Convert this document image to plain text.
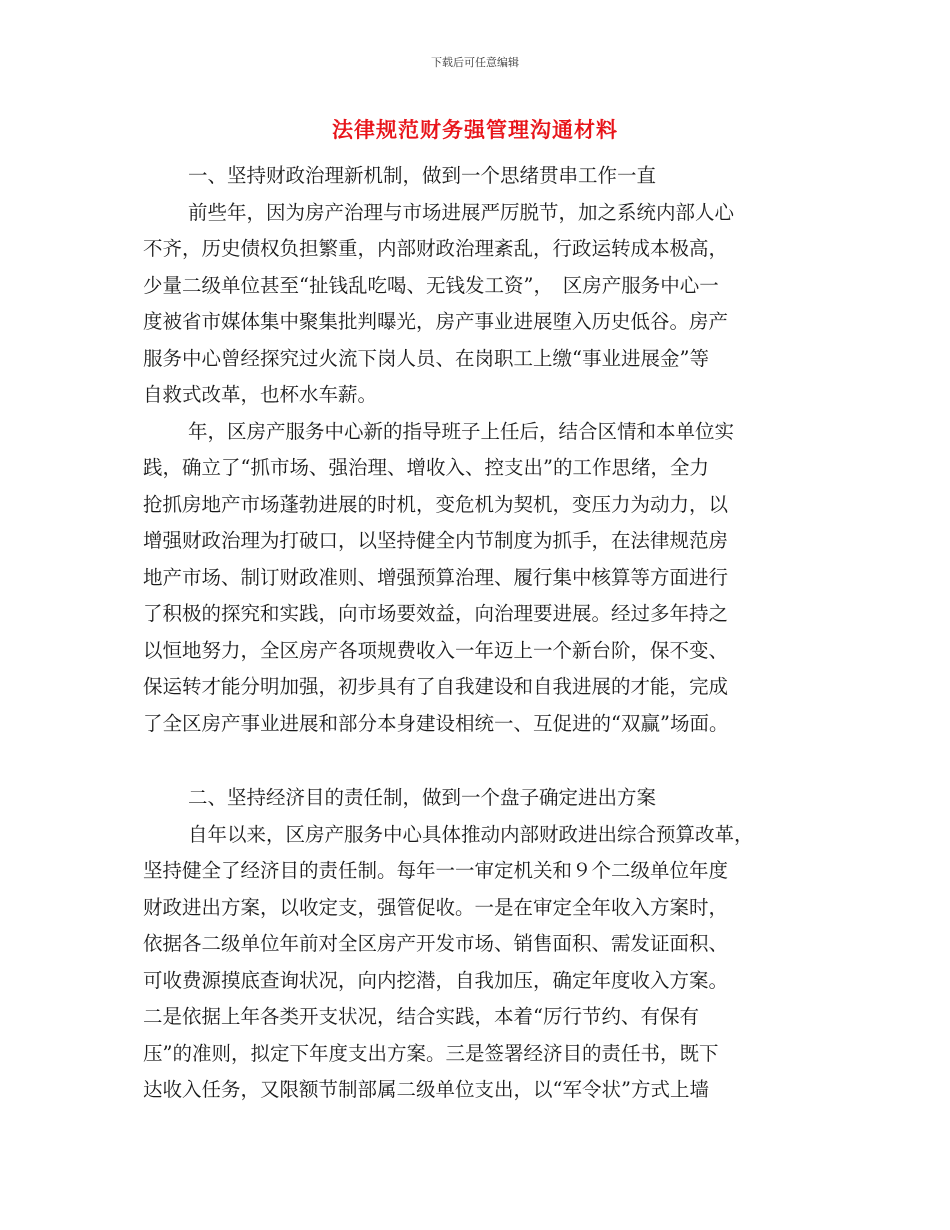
下载后可任意编辑
法律规范财务强管理沟通材料
一、坚持财政治理新机制，做到一个思绪贯串工作一直
前些年，因为房产治理与市场进展严厉脱节，加之系统内部人心
不齐，历史债权负担繁重，内部财政治理紊乱，行政运转成本极高，
少量二级单位甚至“扯钱乱吃喝、无钱发工资”，　区房产服务中心一
度被省市媒体集中聚集批判曝光，房产事业进展堕入历史低谷。房产
服务中心曾经探究过火流下岗人员、在岗职工上缴“事业进展金”等
自救式改革，也杯水车薪。
年，区房产服务中心新的指导班子上任后，结合区情和本单位实
践，确立了“抓市场、强治理、增收入、控支出”的工作思绪，全力
抢抓房地产市场蓬勃进展的时机，变危机为契机，变压力为动力，以
增强财政治理为打破口，以坚持健全内节制度为抓手，在法律规范房
地产市场、制订财政准则、增强预算治理、履行集中核算等方面进行
了积极的探究和实践，向市场要效益，向治理要进展。经过多年持之
以恒地努力，全区房产各项规费收入一年迈上一个新台阶，保不变、
保运转才能分明加强，初步具有了自我建设和自我进展的才能，完成
了全区房产事业进展和部分本身建设相统一、互促进的“双赢”场面。
二、坚持经济目的责任制，做到一个盘子确定进出方案
自年以来，区房产服务中心具体推动内部财政进出综合预算改革，
坚持健全了经济目的责任制。每年一一审定机关和９个二级单位年度
财政进出方案，以收定支，强管促收。一是在审定全年收入方案时，
依据各二级单位年前对全区房产开发市场、销售面积、需发证面积、
可收费源摸底查询状况，向内挖潜，自我加压，确定年度收入方案。
二是依据上年各类开支状况，结合实践，本着“厉行节约、有保有
压”的准则，拟定下年度支出方案。三是签署经济目的责任书，既下
达收入任务，又限额节制部属二级单位支出，以“军令状”方式上墙
